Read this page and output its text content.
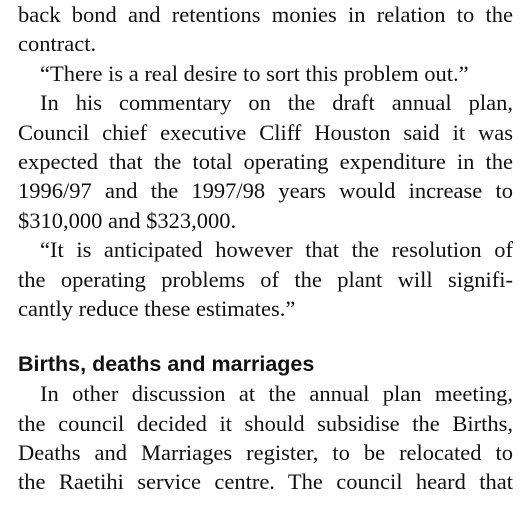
back bond and retentions monies in relation to the
contract.
“There is a real desire to sort this problem out.”
In his commentary on the draft annual plan,
Council chief executive Cliff Houston said it was
expected that the total operating expenditure in the
1996/97 and the 1997/98 years would increase to
$310,000 and $323,000.
“It is anticipated however that the resolution of
the operating problems of the plant will signifi-
cantly reduce these estimates.”
Births, deaths and marriages
In other discussion at the annual plan meeting,
the council decided it should subsidise the Births,
Deaths and Marriages register, to be relocated to
the Raetihi service centre. The council heard that
